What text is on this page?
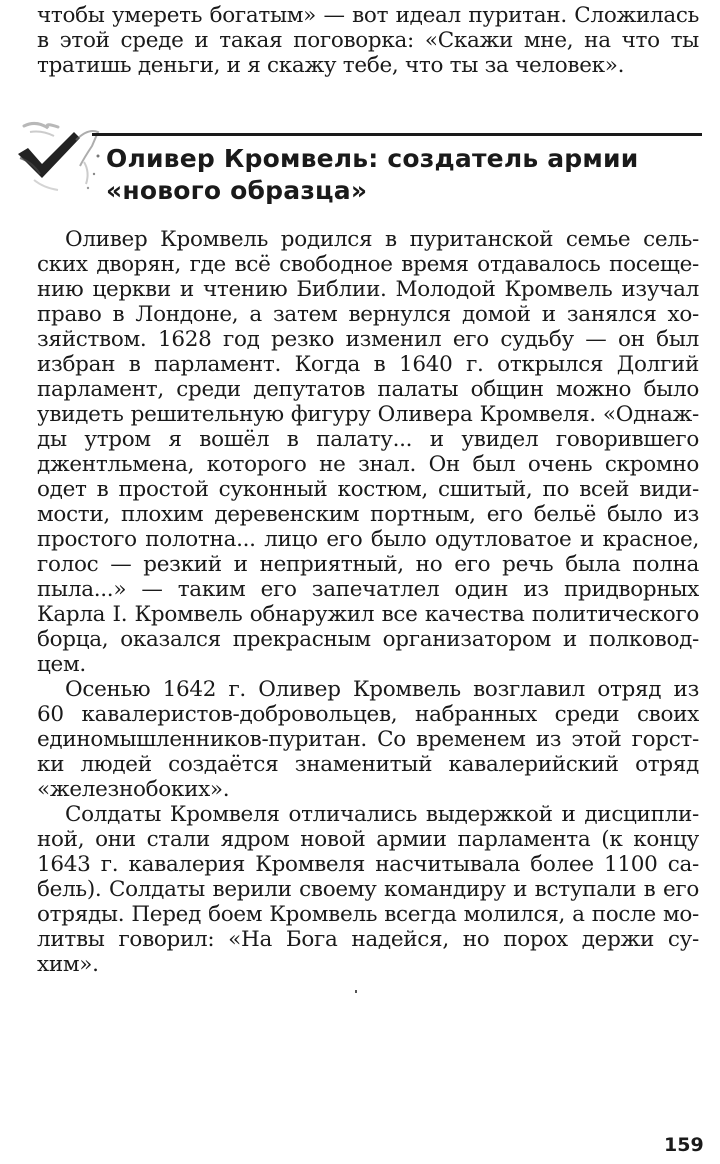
чтобы умереть богатым» — вот идеал пуритан. Сложилась
в этой среде и такая поговорка: «Скажи мне, на что ты
тратишь деньги, и я скажу тебе, что ты за человек».
Оливер Кромвель: создатель армии
«нового образца»
Оливер Кромвель родился в пуританской семье сель-
ских дворян, где всё свободное время отдавалось посеще-
нию церкви и чтению Библии. Молодой Кромвель изучал
право в Лондоне, а затем вернулся домой и занялся хо-
зяйством. 1628 год резко изменил его судьбу — он был
избран в парламент. Когда в 1640 г. открылся Долгий
парламент, среди депутатов палаты общин можно было
увидеть решительную фигуру Оливера Кромвеля. «Однаж-
ды утром я вошёл в палату... и увидел говорившего
джентльмена, которого не знал. Он был очень скромно
одет в простой суконный костюм, сшитый, по всей види-
мости, плохим деревенским портным, его бельё было из
простого полотна... лицо его было одутловатое и красное,
голос — резкий и неприятный, но его речь была полна
пыла...» — таким его запечатлел один из придворных
Карла I. Кромвель обнаружил все качества политического
борца, оказался прекрасным организатором и полковод-
цем.
Осенью 1642 г. Оливер Кромвель возглавил отряд из
60 кавалеристов-добровольцев, набранных среди своих
единомышленников-пуритан. Со временем из этой горст-
ки людей создаётся знаменитый кавалерийский отряд
«железнобоких».
Солдаты Кромвеля отличались выдержкой и дисципли-
ной, они стали ядром новой армии парламента (к концу
1643 г. кавалерия Кромвеля насчитывала более 1100 са-
бель). Солдаты верили своему командиру и вступали в его
отряды. Перед боем Кромвель всегда молился, а после мо-
литвы говорил: «На Бога надейся, но порох держи су-
хим».
159
